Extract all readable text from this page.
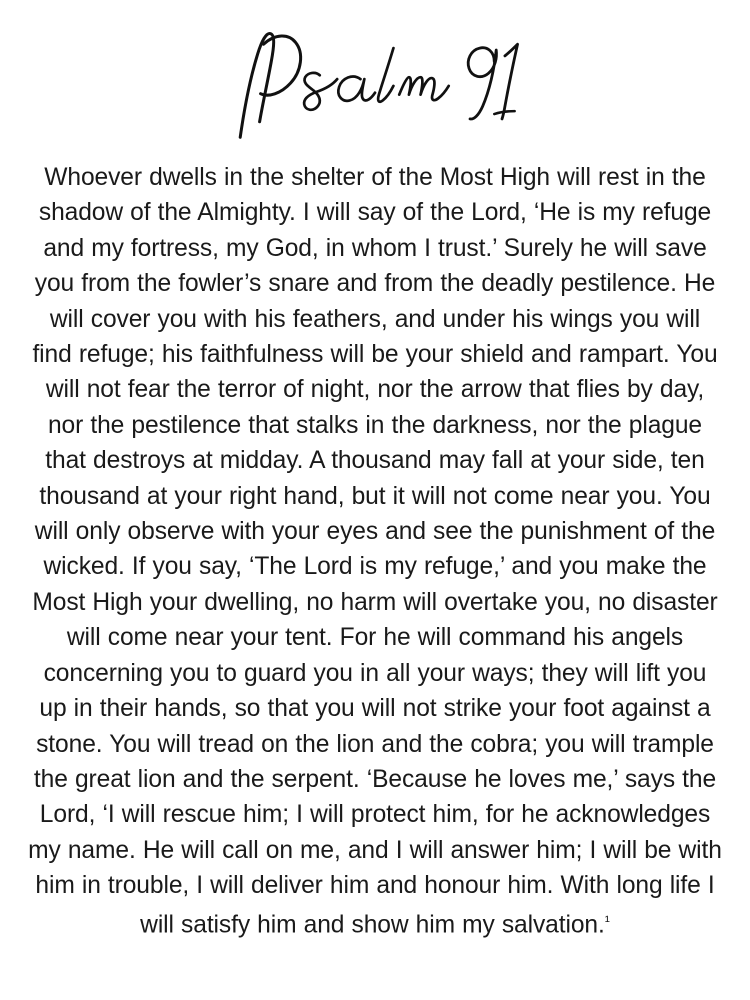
Whoever dwells in the shelter of the Most High will rest in the shadow of the Almighty. I will say of the Lord, ‘He is my refuge and my fortress, my God, in whom I trust.’ Surely he will save you from the fowler’s snare and from the deadly pestilence. He will cover you with his feathers, and under his wings you will find refuge; his faithfulness will be your shield and rampart. You will not fear the terror of night, nor the arrow that flies by day, nor the pestilence that stalks in the darkness, nor the plague that destroys at midday. A thousand may fall at your side, ten thousand at your right hand, but it will not come near you. You will only observe with your eyes and see the punishment of the wicked. If you say, ‘The Lord is my refuge,’ and you make the Most High your dwelling, no harm will overtake you, no disaster will come near your tent. For he will command his angels concerning you to guard you in all your ways; they will lift you up in their hands, so that you will not strike your foot against a stone. You will tread on the lion and the cobra; you will trample the great lion and the serpent. ‘Because he loves me,’ says the Lord, ‘I will rescue him; I will protect him, for he acknowledges my name. He will call on me, and I will answer him; I will be with him in trouble, I will deliver him and honour him. With long life I will satisfy him and show him my salvation.$^{^1}$
